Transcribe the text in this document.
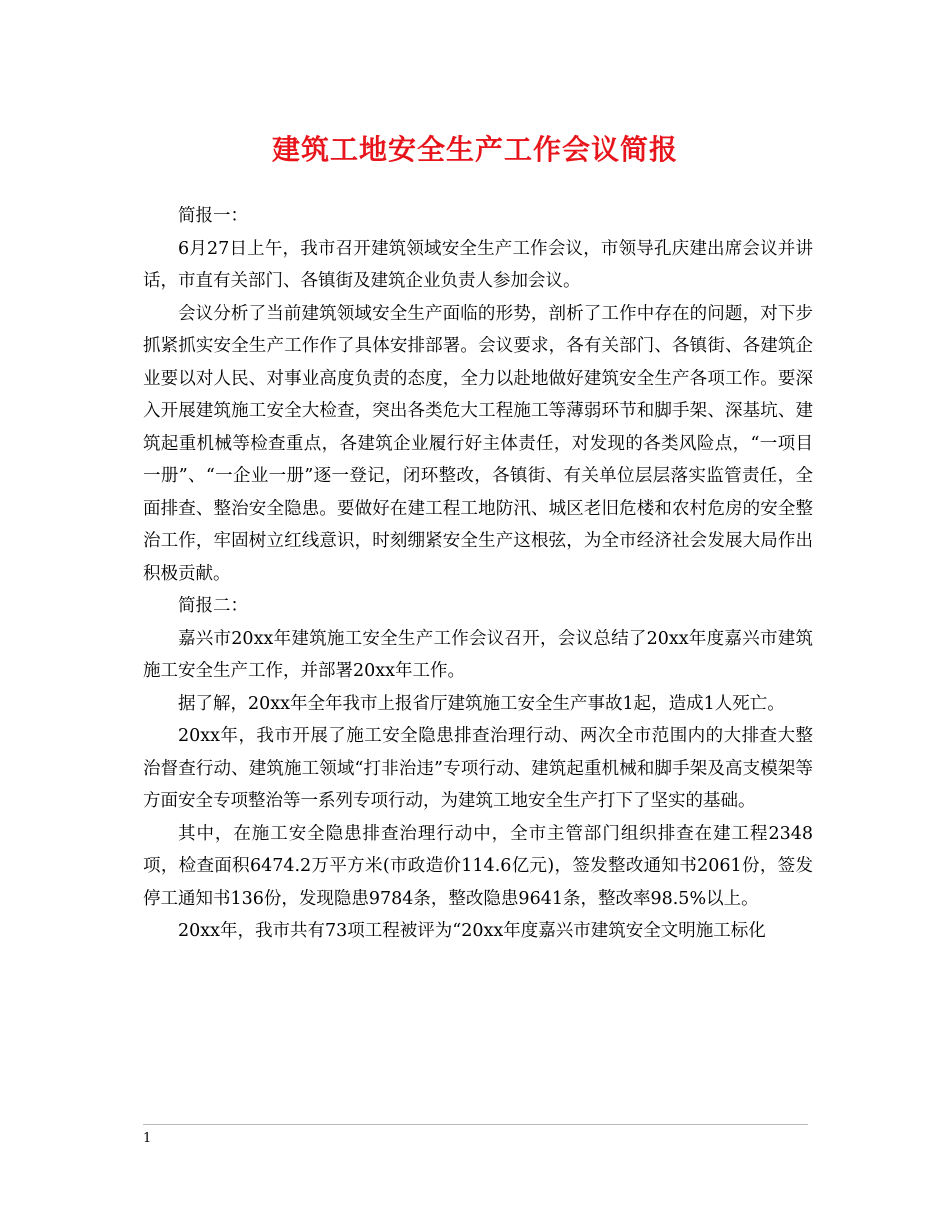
建筑工地安全生产工作会议简报

简报一：

6月27日上午，我市召开建筑领域安全生产工作会议，市领导孔庆建出席会议并讲话，市直有关部门、各镇街及建筑企业负责人参加会议。

会议分析了当前建筑领域安全生产面临的形势，剖析了工作中存在的问题，对下步抓紧抓实安全生产工作作了具体安排部署。会议要求，各有关部门、各镇街、各建筑企业要以对人民、对事业高度负责的态度，全力以赴地做好建筑安全生产各项工作。要深入开展建筑施工安全大检查，突出各类危大工程施工等薄弱环节和脚手架、深基坑、建筑起重机械等检查重点，各建筑企业履行好主体责任，对发现的各类风险点，“一项目一册”、“一企业一册”逐一登记，闭环整改，各镇街、有关单位层层落实监管责任，全面排查、整治安全隐患。要做好在建工程工地防汛、城区老旧危楼和农村危房的安全整治工作，牢固树立红线意识，时刻绷紧安全生产这根弦，为全市经济社会发展大局作出积极贡献。

简报二：

嘉兴市20xx年建筑施工安全生产工作会议召开，会议总结了20xx年度嘉兴市建筑施工安全生产工作，并部署20xx年工作。

据了解，20xx年全年我市上报省厅建筑施工安全生产事故1起，造成1人死亡。

20xx年，我市开展了施工安全隐患排查治理行动、两次全市范围内的大排查大整治督查行动、建筑施工领域“打非治违”专项行动、建筑起重机械和脚手架及高支模架等方面安全专项整治等一系列专项行动，为建筑工地安全生产打下了坚实的基础。

其中，在施工安全隐患排查治理行动中，全市主管部门组织排查在建工程2348项，检查面积6474.2万平方米(市政造价114.6亿元)，签发整改通知书2061份，签发停工通知书136份，发现隐患9784条，整改隐患9641条，整改率98.5%以上。

20xx年，我市共有73项工程被评为“20xx年度嘉兴市建筑安全文明施工标化

1
